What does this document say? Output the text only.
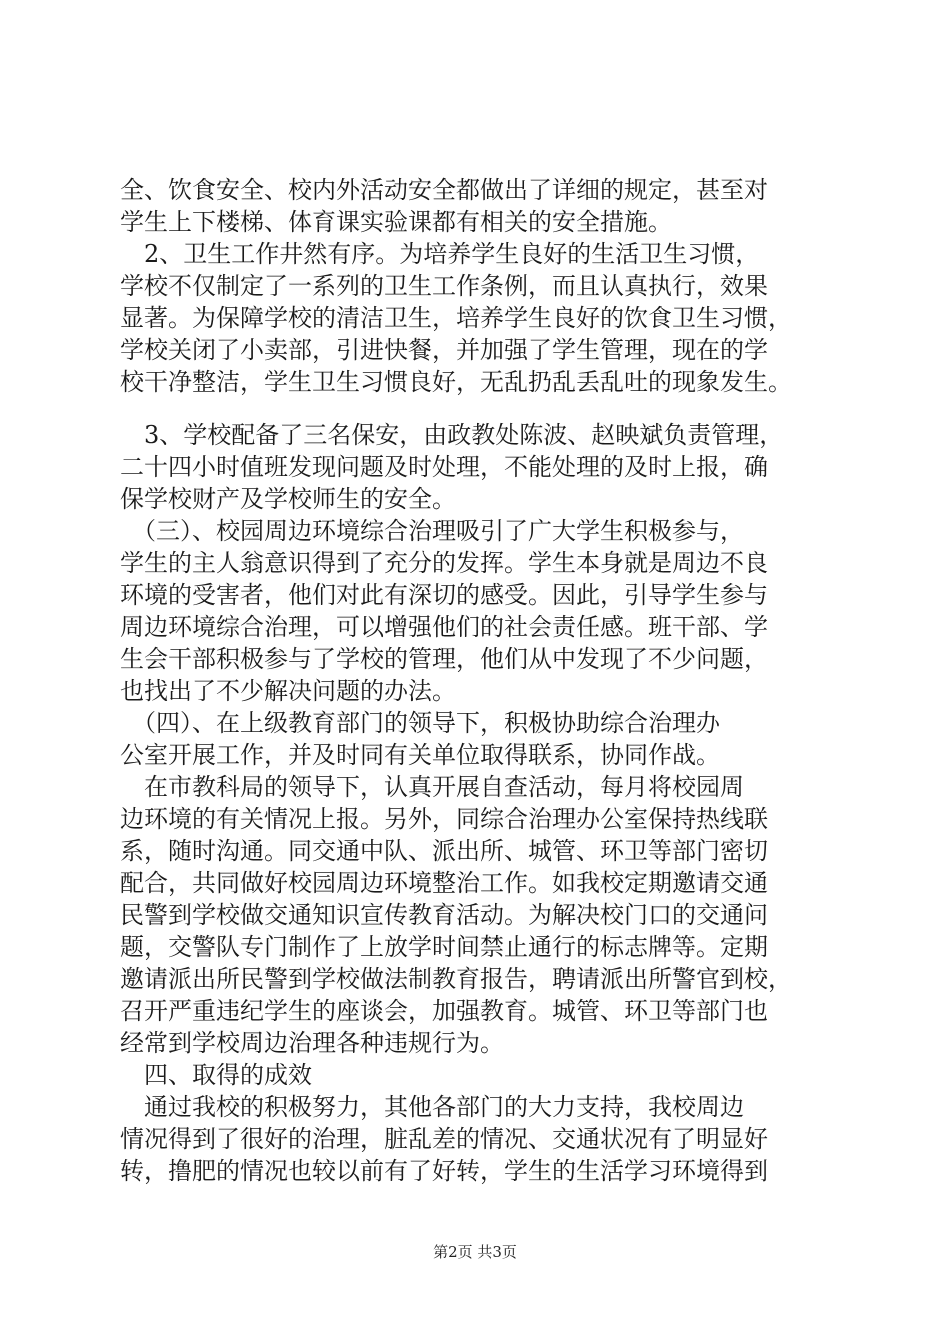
全、饮食安全、校内外活动安全都做出了详细的规定，甚至对
学生上下楼梯、体育课实验课都有相关的安全措施。
　2、卫生工作井然有序。为培养学生良好的生活卫生习惯，
学校不仅制定了一系列的卫生工作条例，而且认真执行，效果
显著。为保障学校的清洁卫生，培养学生良好的饮食卫生习惯，
学校关闭了小卖部，引进快餐，并加强了学生管理，现在的学
校干净整洁，学生卫生习惯良好，无乱扔乱丢乱吐的现象发生。
　3、学校配备了三名保安，由政教处陈波、赵映斌负责管理，
二十四小时值班发现问题及时处理，不能处理的及时上报，确
保学校财产及学校师生的安全。
　（三）、校园周边环境综合治理吸引了广大学生积极参与，
学生的主人翁意识得到了充分的发挥。学生本身就是周边不良
环境的受害者，他们对此有深切的感受。因此，引导学生参与
周边环境综合治理，可以增强他们的社会责任感。班干部、学
生会干部积极参与了学校的管理，他们从中发现了不少问题，
也找出了不少解决问题的办法。
　（四）、在上级教育部门的领导下，积极协助综合治理办
公室开展工作，并及时同有关单位取得联系，协同作战。
　在市教科局的领导下，认真开展自查活动，每月将校园周
边环境的有关情况上报。另外，同综合治理办公室保持热线联
系，随时沟通。同交通中队、派出所、城管、环卫等部门密切
配合，共同做好校园周边环境整治工作。如我校定期邀请交通
民警到学校做交通知识宣传教育活动。为解决校门口的交通问
题，交警队专门制作了上放学时间禁止通行的标志牌等。定期
邀请派出所民警到学校做法制教育报告，聘请派出所警官到校，
召开严重违纪学生的座谈会，加强教育。城管、环卫等部门也
经常到学校周边治理各种违规行为。
　四、取得的成效
　通过我校的积极努力，其他各部门的大力支持，我校周边
情况得到了很好的治理，脏乱差的情况、交通状况有了明显好
转，撸肥的情况也较以前有了好转，学生的生活学习环境得到
第2页 共3页
